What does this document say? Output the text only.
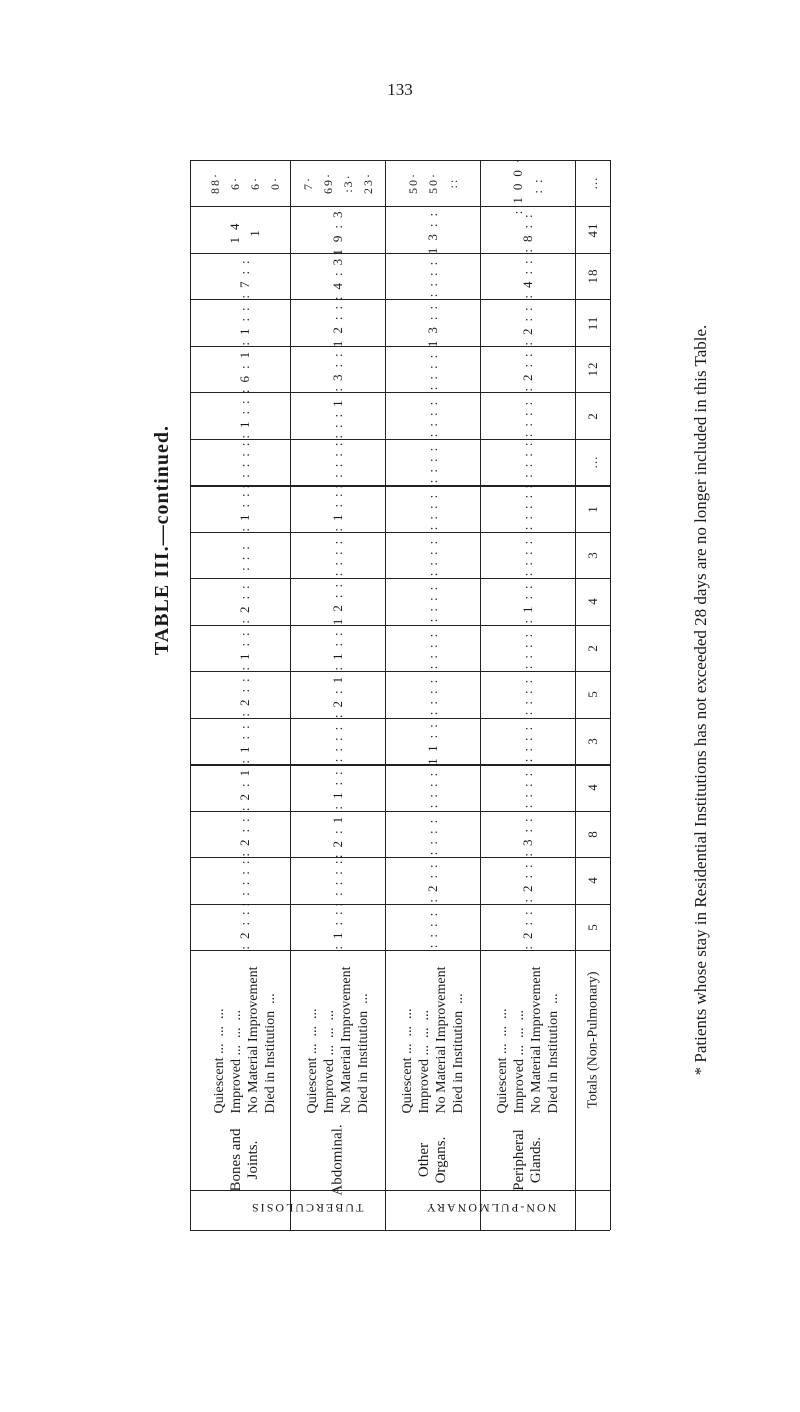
133
TABLE III.—continued.	* Patients whose stay in Residential Institutions has not exceeded 28 days are no longer included in this Table.
Bones and
Joints.
Quiescent ...  ...  ...
Improved ...  ...  ...
No Material Improvement
Died in Institution  ...
:2::
:::::
:2::
:2:1
:1::
:2::
:1::
:2::
:::
:1::
:::::
:1::
:6:1
:1::
:7::
14
1
88·
6·
6·
0·
Abdominal.
Quiescent ...  ...  ...
Improved ...  ...  ...
No Material Improvement
Died in Institution  ...
:1::
:::::
:2:1
:1::
::::
:2:1
:1::
12::
::::
:1::
:::::
:::1
:3::
12::
:4:3
19:3
7·
69·
:3·
23·
Other
Organs.
Quiescent ...  ...  ...
Improved ...  ...  ...
No Material Improvement
Died in Institution  ...
::::
:2::
::::
::::
11::
::::
::::
::::
::::
::::
::::
::::
::::
13::
::::
13::
50·
50·
::
Peripheral
Glands.
Quiescent ...  ...  ...
Improved ...  ...  ...
No Material Improvement
Died in Institution  ...
:2::
:2::
:3::
::::
::::
::::
::::
:1::
::::
::::
:::::
::::
:2::
:2::
:4::
:8::
:100·
::
Totals (Non-Pulmonary)
5
4
8
4
3
5
2
4
3
1
...
2
12
11
18
41
...
TUBERCULOSIS	NON-PULMONARY
